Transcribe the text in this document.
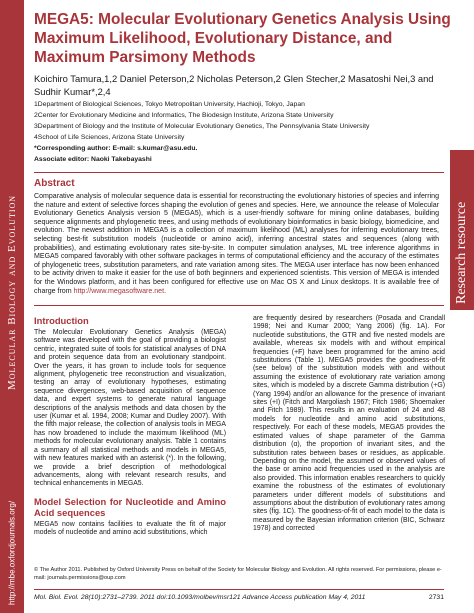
Molecular Biology and Evolution
http://mbe.oxfordjournals.org/
Research resource
MEGA5: Molecular Evolutionary Genetics Analysis Using Maximum Likelihood, Evolutionary Distance, and Maximum Parsimony Methods
Koichiro Tamura,1,2 Daniel Peterson,2 Nicholas Peterson,2 Glen Stecher,2 Masatoshi Nei,3 and
Sudhir Kumar*,2,4
1Department of Biological Sciences, Tokyo Metropolitan University, Hachioji, Tokyo, Japan
2Center for Evolutionary Medicine and Informatics, The Biodesign Institute, Arizona State University
3Department of Biology and the Institute of Molecular Evolutionary Genetics, The Pennsylvania State University
4School of Life Sciences, Arizona State University
*Corresponding author: E-mail: s.kumar@asu.edu.
Associate editor: Naoki Takebayashi
Abstract
Comparative analysis of molecular sequence data is essential for reconstructing the evolutionary histories of species and inferring the nature and extent of selective forces shaping the evolution of genes and species. Here, we announce the release of Molecular Evolutionary Genetics Analysis version 5 (MEGA5), which is a user-friendly software for mining online databases, building sequence alignments and phylogenetic trees, and using methods of evolutionary bioinformatics in basic biology, biomedicine, and evolution. The newest addition in MEGA5 is a collection of maximum likelihood (ML) analyses for inferring evolutionary trees, selecting best-fit substitution models (nucleotide or amino acid), inferring ancestral states and sequences (along with probabilities), and estimating evolutionary rates site-by-site. In computer simulation analyses, ML tree inference algorithms in MEGA5 compared favorably with other software packages in terms of computational efficiency and the accuracy of the estimates of phylogenetic trees, substitution parameters, and rate variation among sites. The MEGA user interface has now been enhanced to be activity driven to make it easier for the use of both beginners and experienced scientists. This version of MEGA is intended for the Windows platform, and it has been configured for effective use on Mac OS X and Linux desktops. It is available free of charge from http://www.megasoftware.net.
Introduction

The Molecular Evolutionary Genetics Analysis (MEGA) software was developed with the goal of providing a biologist centric, integrated suite of tools for statistical analyses of DNA and protein sequence data from an evolutionary standpoint. Over the years, it has grown to include tools for sequence alignment, phylogenetic tree reconstruction and visualization, testing an array of evolutionary hypotheses, estimating sequence divergences, web-based acquisition of sequence data, and expert systems to generate natural language descriptions of the analysis methods and data chosen by the user (Kumar et al. 1994, 2008; Kumar and Dudley 2007). With the fifth major release, the collection of analysis tools in MEGA has now broadened to include the maximum likelihood (ML) methods for molecular evolutionary analysis. Table 1 contains a summary of all statistical methods and models in MEGA5, with new features marked with an asterisk (*). In the following, we provide a brief description of methodological advancements, along with relevant research results, and technical enhancements in MEGA5.

Model Selection for Nucleotide and Amino Acid sequences

MEGA5 now contains facilities to evaluate the fit of major models of nucleotide and amino acid substitutions, which

are frequently desired by researchers (Posada and Crandall 1998; Nei and Kumar 2000; Yang 2006) (fig. 1A). For nucleotide substitutions, the GTR and five nested models are available, whereas six models with and without empirical frequencies (+F) have been programmed for the amino acid substitutions (Table 1). MEGA5 provides the goodness-of-fit (see below) of the substitution models with and without assuming the existence of evolutionary rate variation among sites, which is modeled by a discrete Gamma distribution (+G) (Yang 1994) and/or an allowance for the presence of invariant sites (+I) (Fitch and Margoliash 1967; Fitch 1986; Shoemaker and Fitch 1989). This results in an evaluation of 24 and 48 models for nucleotide and amino acid substitutions, respectively. For each of these models, MEGA5 provides the estimated values of shape parameter of the Gamma distribution (α), the proportion of invariant sites, and the substitution rates between bases or residues, as applicable. Depending on the model, the assumed or observed values of the base or amino acid frequencies used in the analysis are also provided. This information enables researchers to quickly examine the robustness of the estimates of evolutionary parameters under different models of substitutions and assumptions about the distribution of evolutionary rates among sites (fig. 1C). The goodness-of-fit of each model to the data is measured by the Bayesian information criterion (BIC, Schwarz 1978) and corrected

© The Author 2011. Published by Oxford University Press on behalf of the Society for Molecular Biology and Evolution. All rights reserved. For permissions, please e-mail: journals.permissions@oup.com
Mol. Biol. Evol. 28(10):2731–2739. 2011 doi:10.1093/molbev/msr121 Advance Access publication May 4, 2011	2731
